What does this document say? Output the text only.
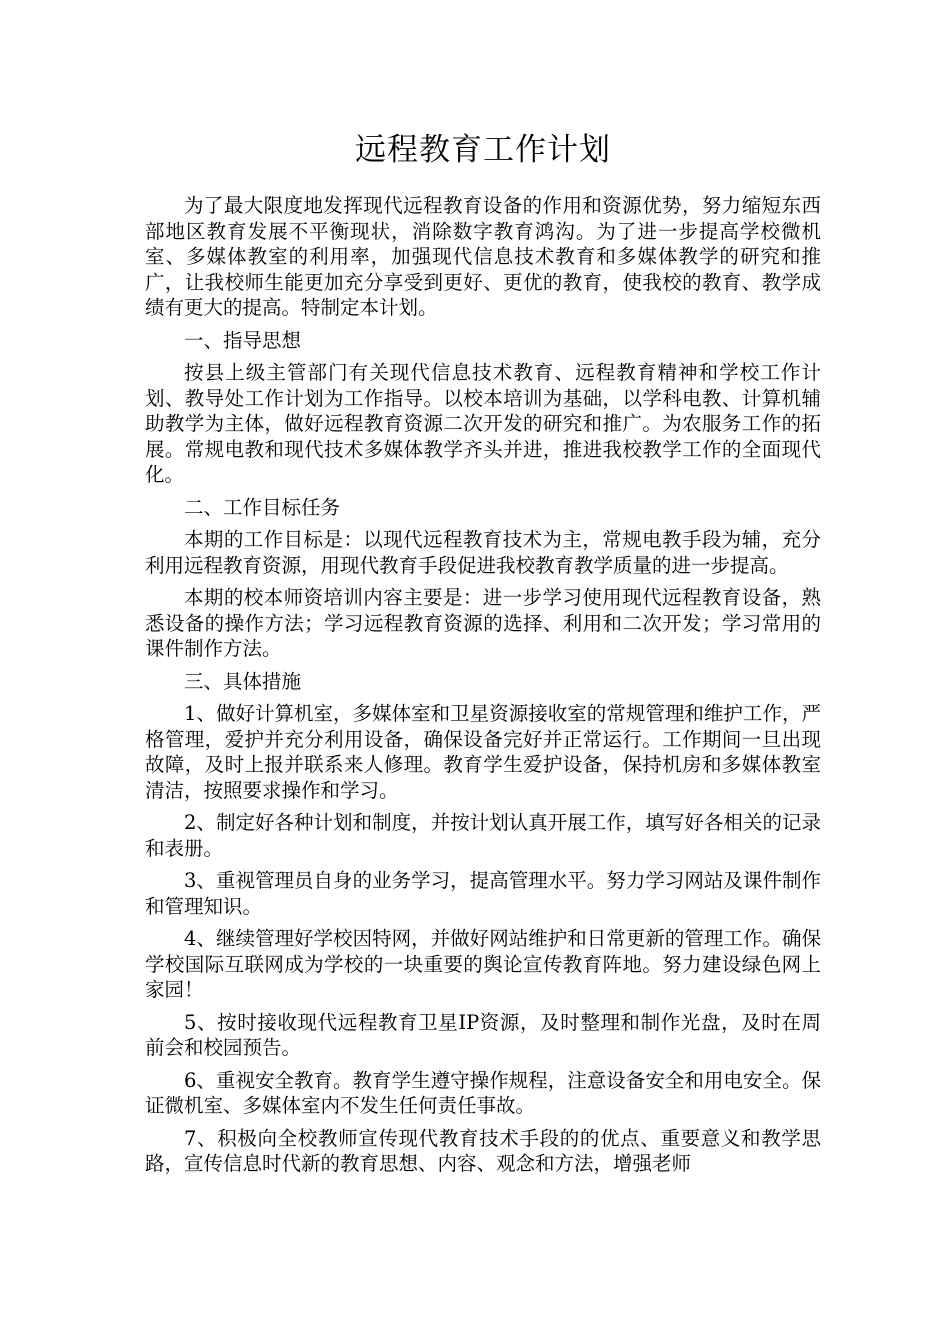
远程教育工作计划

为了最大限度地发挥现代远程教育设备的作用和资源优势，努力缩短东西部地区教育发展不平衡现状，消除数字教育鸿沟。为了进一步提高学校微机室、多媒体教室的利用率，加强现代信息技术教育和多媒体教学的研究和推广，让我校师生能更加充分享受到更好、更优的教育，使我校的教育、教学成绩有更大的提高。特制定本计划。

一、指导思想

按县上级主管部门有关现代信息技术教育、远程教育精神和学校工作计划、教导处工作计划为工作指导。以校本培训为基础，以学科电教、计算机辅助教学为主体，做好远程教育资源二次开发的研究和推广。为农服务工作的拓展。常规电教和现代技术多媒体教学齐头并进，推进我校教学工作的全面现代化。

二、工作目标任务

本期的工作目标是：以现代远程教育技术为主，常规电教手段为辅，充分利用远程教育资源，用现代教育手段促进我校教育教学质量的进一步提高。

本期的校本师资培训内容主要是：进一步学习使用现代远程教育设备，熟悉设备的操作方法；学习远程教育资源的选择、利用和二次开发；学习常用的课件制作方法。

三、具体措施

1、做好计算机室，多媒体室和卫星资源接收室的常规管理和维护工作，严格管理，爱护并充分利用设备，确保设备完好并正常运行。工作期间一旦出现故障，及时上报并联系来人修理。教育学生爱护设备，保持机房和多媒体教室清洁，按照要求操作和学习。

2、制定好各种计划和制度，并按计划认真开展工作，填写好各相关的记录和表册。

3、重视管理员自身的业务学习，提高管理水平。努力学习网站及课件制作和管理知识。

4、继续管理好学校因特网，并做好网站维护和日常更新的管理工作。确保学校国际互联网成为学校的一块重要的舆论宣传教育阵地。努力建设绿色网上家园！

5、按时接收现代远程教育卫星IP资源，及时整理和制作光盘，及时在周前会和校园预告。

6、重视安全教育。教育学生遵守操作规程，注意设备安全和用电安全。保证微机室、多媒体室内不发生任何责任事故。

7、积极向全校教师宣传现代教育技术手段的的优点、重要意义和教学思路，宣传信息时代新的教育思想、内容、观念和方法，增强老师
